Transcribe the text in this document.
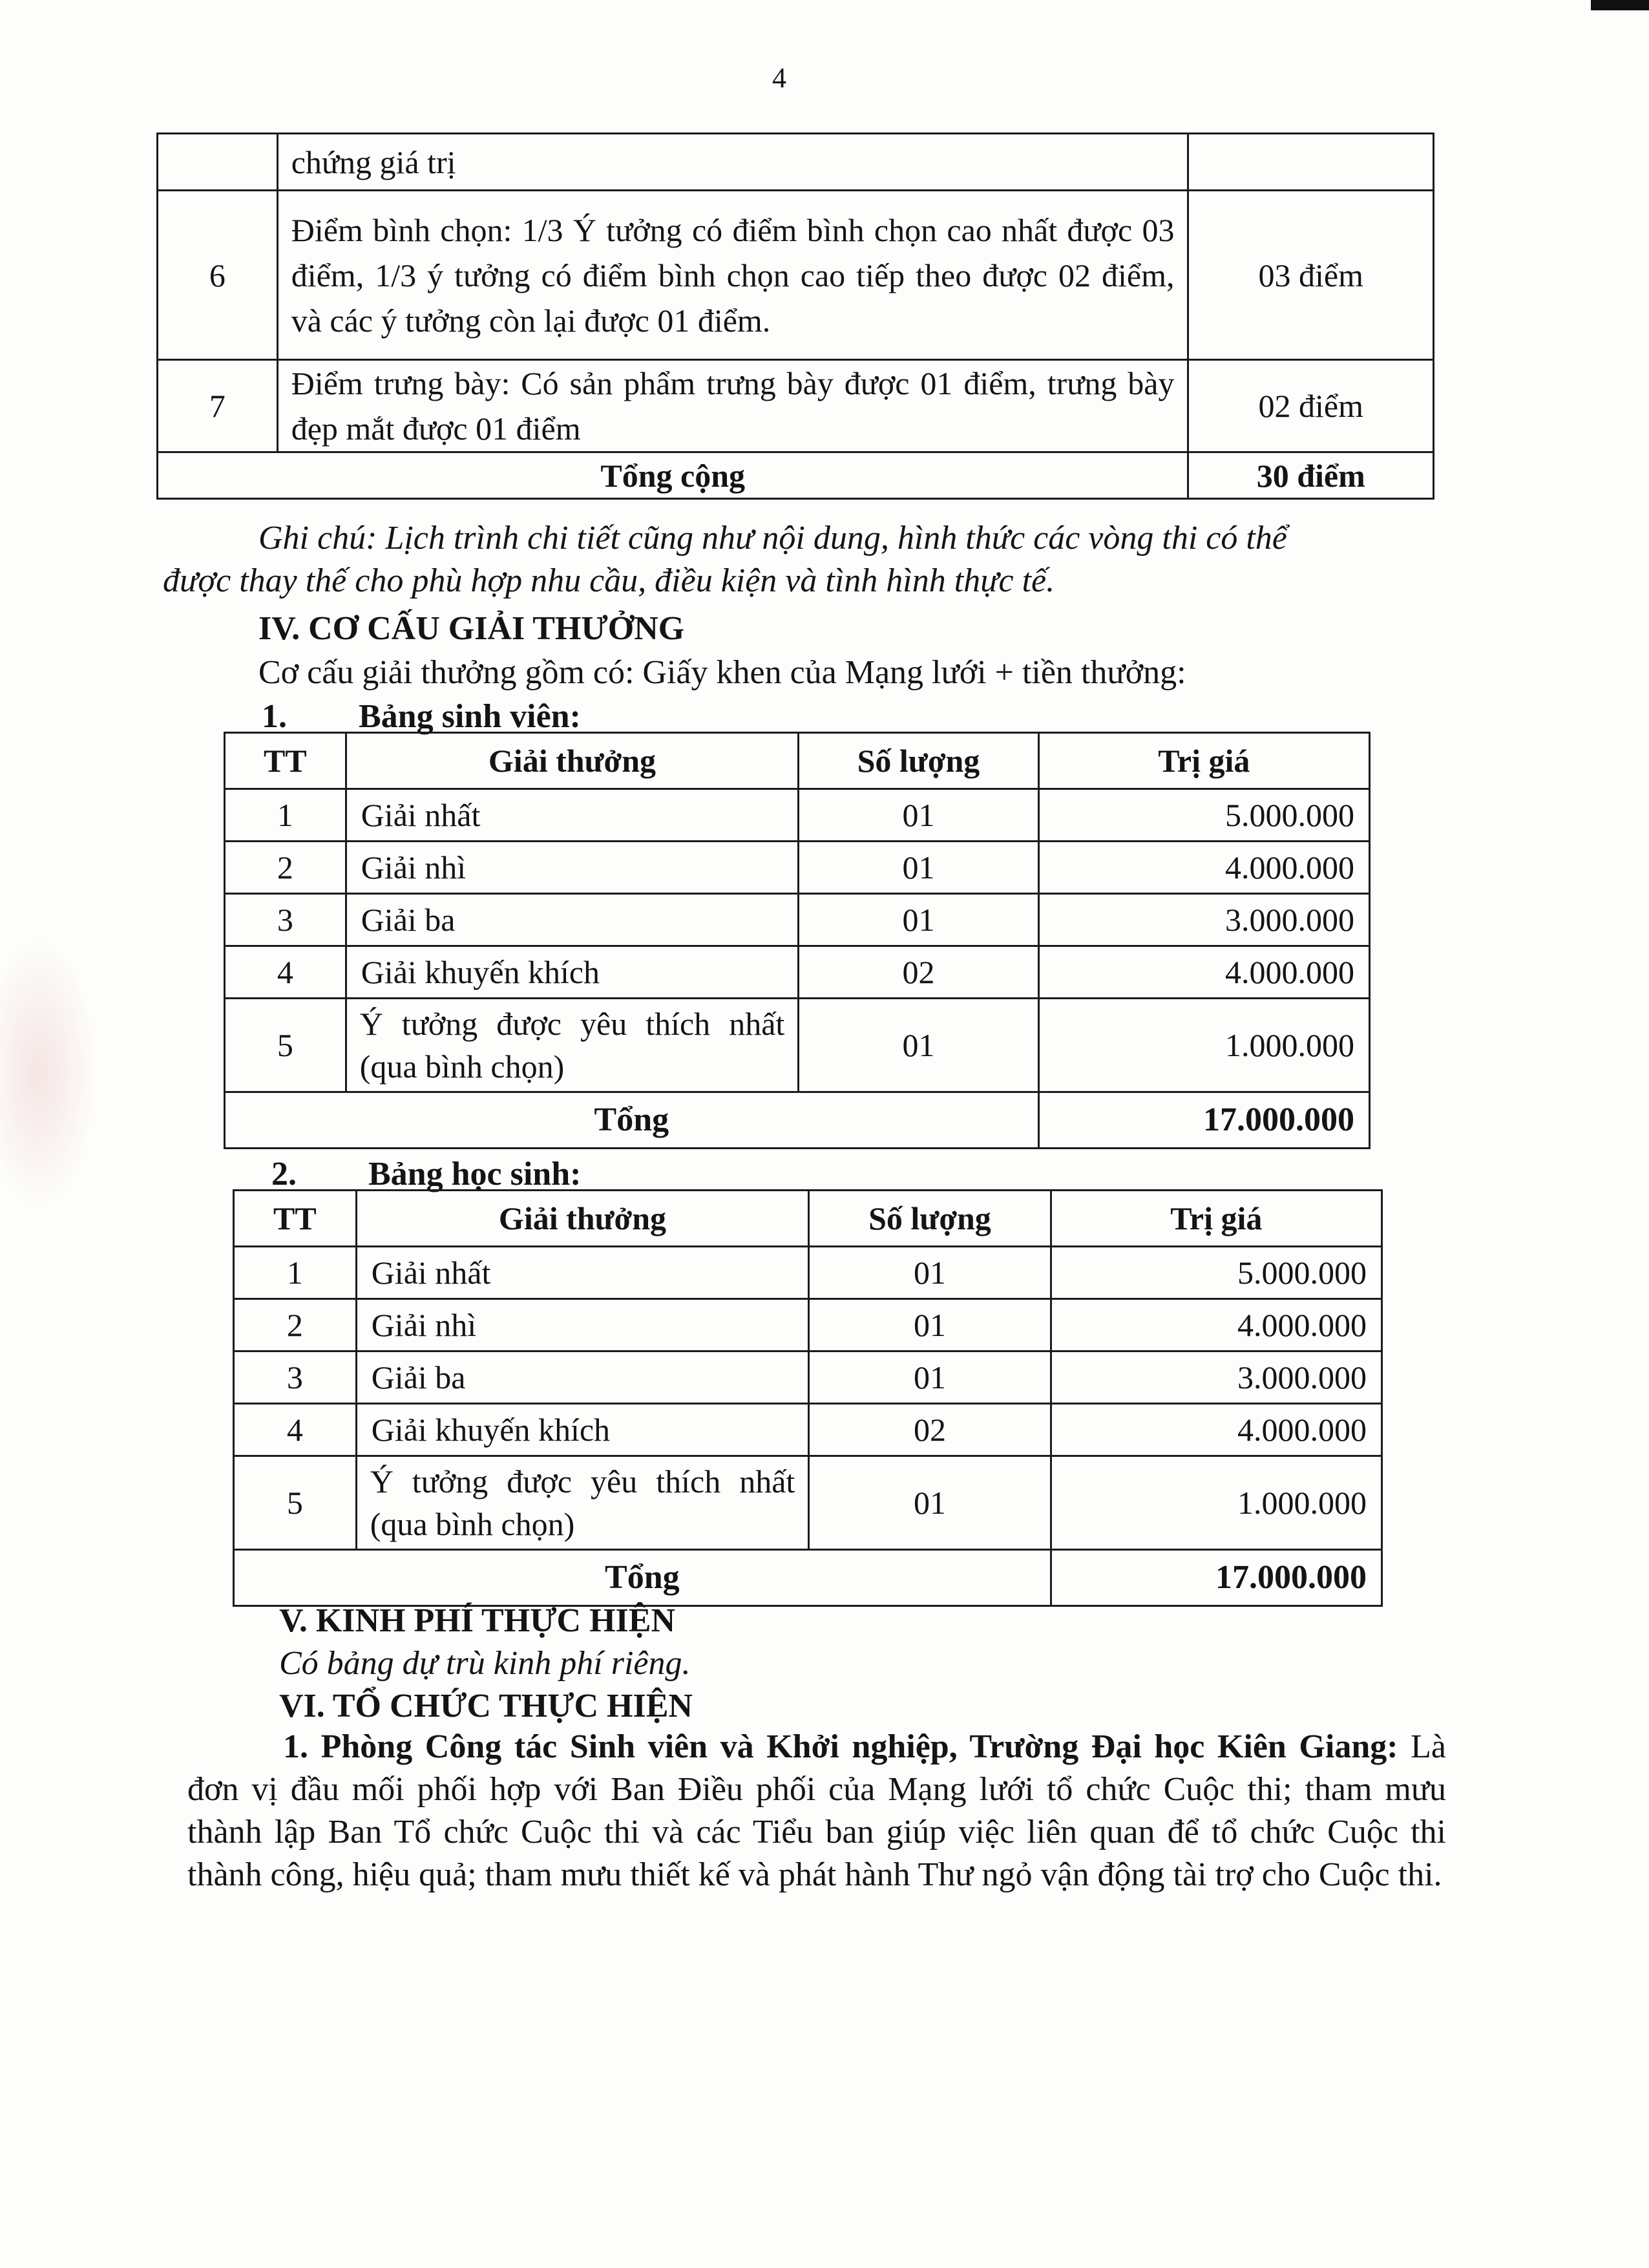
4
	chứng giá trị	
6	Điểm bình chọn: 1/3 Ý tưởng có điểm bình chọn cao nhất được 03 điểm, 1/3 ý tưởng có điểm bình chọn cao tiếp theo được 02 điểm, và các ý tưởng còn lại được 01 điểm.	03 điểm
7	Điểm trưng bày: Có sản phẩm trưng bày được 01 điểm, trưng bày đẹp mắt được 01 điểm	02 điểm
Tổng cộng		30 điểm
Ghi chú: Lịch trình chi tiết cũng như nội dung, hình thức các vòng thi có thể
được thay thế cho phù hợp nhu cầu, điều kiện và tình hình thực tế.
IV. CƠ CẤU GIẢI THƯỞNG
Cơ cấu giải thưởng gồm có: Giấy khen của Mạng lưới + tiền thưởng:
1. Bảng sinh viên:
TT	Giải thưởng	Số lượng	Trị giá
1	Giải nhất	01	5.000.000
2	Giải nhì	01	4.000.000
3	Giải ba	01	3.000.000
4	Giải khuyến khích	02	4.000.000
5	Ý tưởng được yêu thích nhất (qua bình chọn)	01	1.000.000
Tổng			17.000.000
2. Bảng học sinh:
TT	Giải thưởng	Số lượng	Trị giá
1	Giải nhất	01	5.000.000
2	Giải nhì	01	4.000.000
3	Giải ba	01	3.000.000
4	Giải khuyến khích	02	4.000.000
5	Ý tưởng được yêu thích nhất (qua bình chọn)	01	1.000.000
Tổng			17.000.000
V. KINH PHÍ THỰC HIỆN
Có bảng dự trù kinh phí riêng.
VI. TỔ CHỨC THỰC HIỆN
1. Phòng Công tác Sinh viên và Khởi nghiệp, Trường Đại học Kiên Giang: Là đơn vị đầu mối phối hợp với Ban Điều phối của Mạng lưới tổ chức Cuộc thi; tham mưu thành lập Ban Tổ chức Cuộc thi và các Tiểu ban giúp việc liên quan để tổ chức Cuộc thi thành công, hiệu quả; tham mưu thiết kế và phát hành Thư ngỏ vận động tài trợ cho Cuộc thi.
